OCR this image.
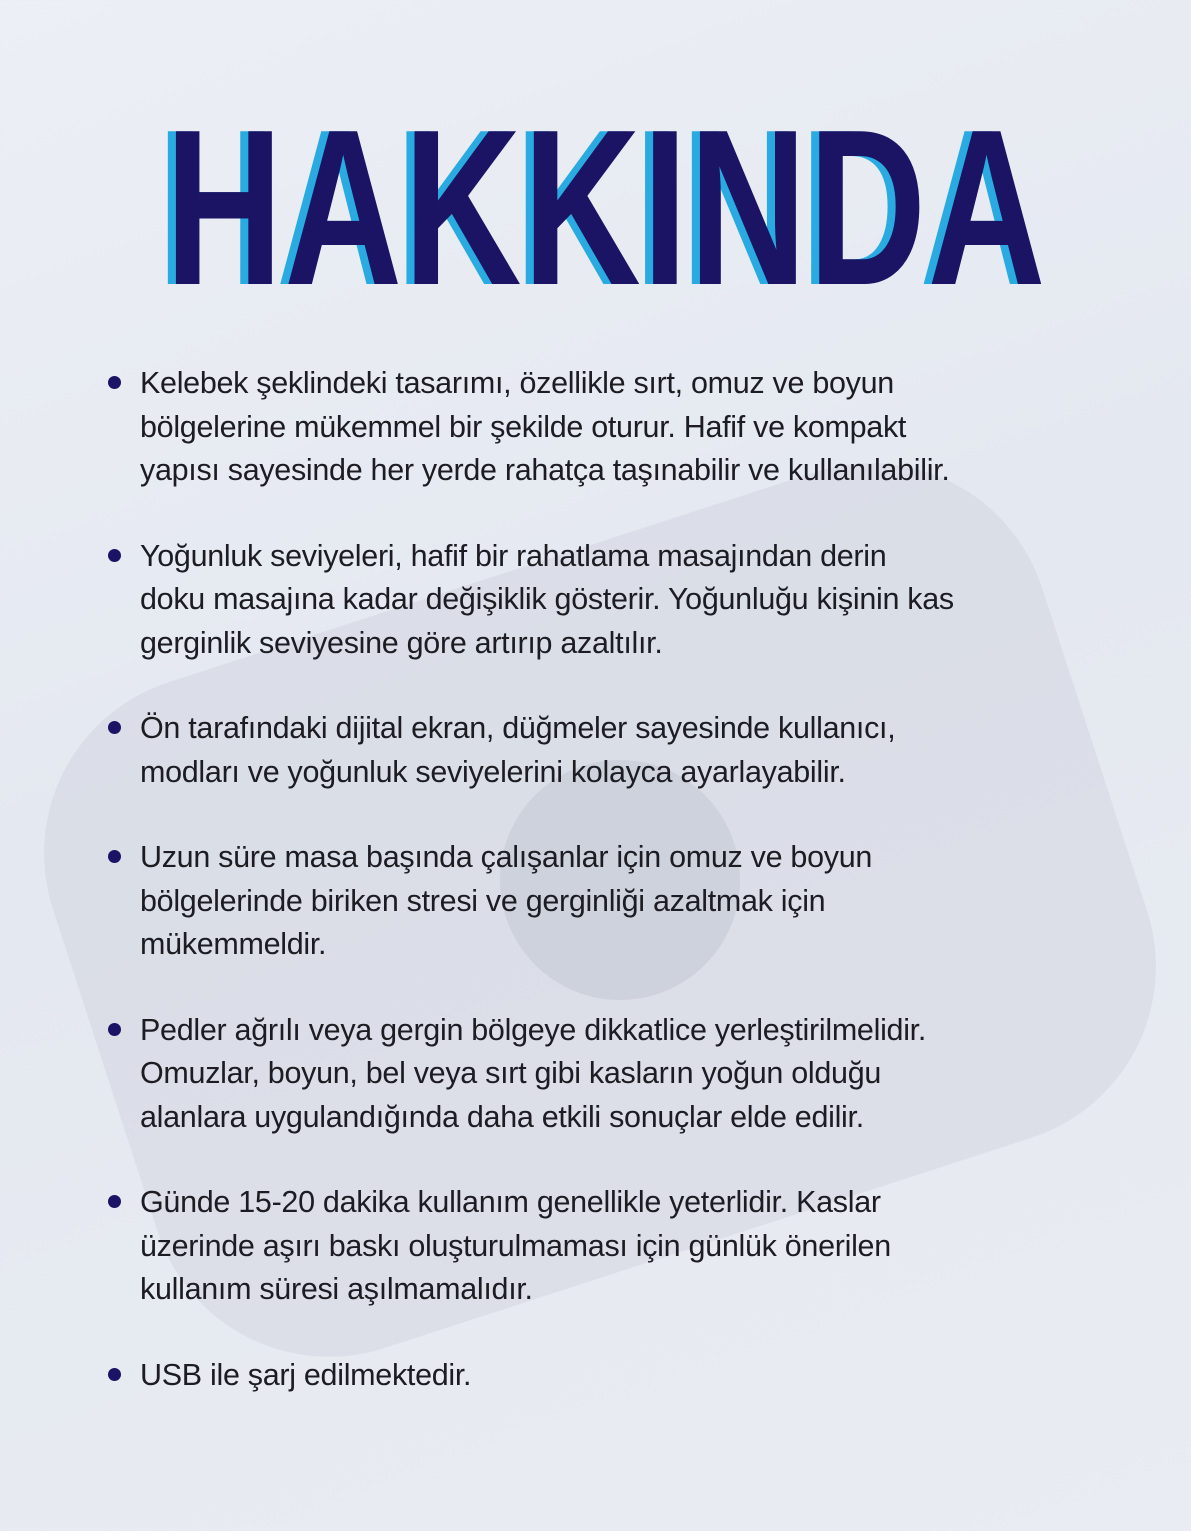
HAKKINDA
Kelebek şeklindeki tasarımı, özellikle sırt, omuz ve boyun
bölgelerine mükemmel bir şekilde oturur. Hafif ve kompakt
yapısı sayesinde her yerde rahatça taşınabilir ve kullanılabilir.
Yoğunluk seviyeleri, hafif bir rahatlama masajından derin
doku masajına kadar değişiklik gösterir. Yoğunluğu kişinin kas
gerginlik seviyesine göre artırıp azaltılır.
Ön tarafındaki dijital ekran, düğmeler sayesinde kullanıcı,
modları ve yoğunluk seviyelerini kolayca ayarlayabilir.
Uzun süre masa başında çalışanlar için omuz ve boyun
bölgelerinde biriken stresi ve gerginliği azaltmak için
mükemmeldir.
Pedler ağrılı veya gergin bölgeye dikkatlice yerleştirilmelidir.
Omuzlar, boyun, bel veya sırt gibi kasların yoğun olduğu
alanlara uygulandığında daha etkili sonuçlar elde edilir.
Günde 15-20 dakika kullanım genellikle yeterlidir. Kaslar
üzerinde aşırı baskı oluşturulmaması için günlük önerilen
kullanım süresi aşılmamalıdır.
USB ile şarj edilmektedir.
